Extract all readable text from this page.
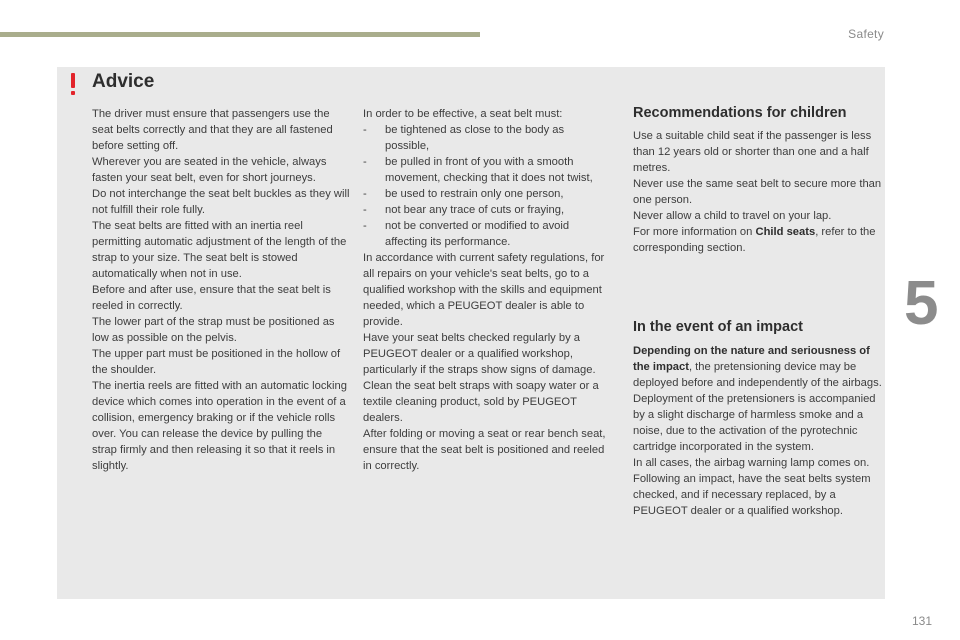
Safety
Advice

The driver must ensure that passengers use the seat belts correctly and that they are all fastened before setting off.

Wherever you are seated in the vehicle, always fasten your seat belt, even for short journeys.

Do not interchange the seat belt buckles as they will not fulfill their role fully.

The seat belts are fitted with an inertia reel permitting automatic adjustment of the length of the strap to your size. The seat belt is stowed automatically when not in use.

Before and after use, ensure that the seat belt is reeled in correctly.

The lower part of the strap must be positioned as low as possible on the pelvis.

The upper part must be positioned in the hollow of the shoulder.

The inertia reels are fitted with an automatic locking device which comes into operation in the event of a collision, emergency braking or if the vehicle rolls over. You can release the device by pulling the strap firmly and then releasing it so that it reels in slightly.

In order to be effective, a seat belt must:

- be tightened as close to the body as possible,
- be pulled in front of you with a smooth movement, checking that it does not twist,
- be used to restrain only one person,
- not bear any trace of cuts or fraying,
- not be converted or modified to avoid affecting its performance.

In accordance with current safety regulations, for all repairs on your vehicle's seat belts, go to a qualified workshop with the skills and equipment needed, which a PEUGEOT dealer is able to provide.

Have your seat belts checked regularly by a PEUGEOT dealer or a qualified workshop, particularly if the straps show signs of damage.

Clean the seat belt straps with soapy water or a textile cleaning product, sold by PEUGEOT dealers.

After folding or moving a seat or rear bench seat, ensure that the seat belt is positioned and reeled in correctly.

Recommendations for children

Use a suitable child seat if the passenger is less than 12 years old or shorter than one and a half metres.

Never use the same seat belt to secure more than one person.

Never allow a child to travel on your lap.

For more information on Child seats, refer to the corresponding section.

In the event of an impact

Depending on the nature and seriousness of the impact, the pretensioning device may be deployed before and independently of the airbags. Deployment of the pretensioners is accompanied by a slight discharge of harmless smoke and a noise, due to the activation of the pyrotechnic cartridge incorporated in the system.

In all cases, the airbag warning lamp comes on.

Following an impact, have the seat belts system checked, and if necessary replaced, by a PEUGEOT dealer or a qualified workshop.

5
131
